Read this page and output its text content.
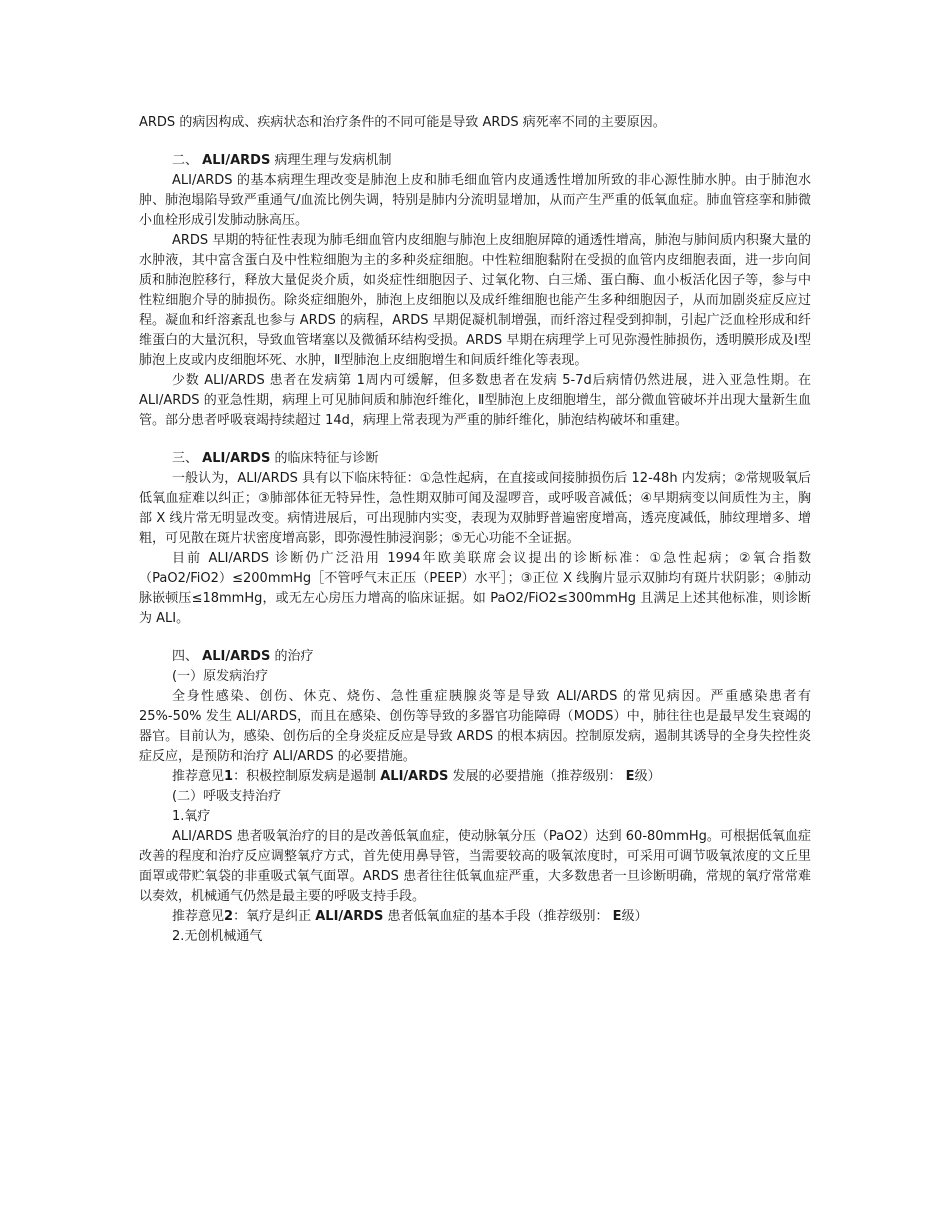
ARDS 的病因构成、疾病状态和治疗条件的不同可能是导致 ARDS 病死率不同的主要原因。

二、 ALI/ARDS 病理生理与发病机制

ALI/ARDS 的基本病理生理改变是肺泡上皮和肺毛细血管内皮通透性增加所致的非心源性肺水肿。由于肺泡水肿、肺泡塌陷导致严重通气/血流比例失调，特别是肺内分流明显增加，从而产生严重的低氧血症。肺血管痉挛和肺微小血栓形成引发肺动脉高压。

ARDS 早期的特征性表现为肺毛细血管内皮细胞与肺泡上皮细胞屏障的通透性增高，肺泡与肺间质内积聚大量的水肿液，其中富含蛋白及中性粒细胞为主的多种炎症细胞。中性粒细胞黏附在受损的血管内皮细胞表面，进一步向间质和肺泡腔移行，释放大量促炎介质，如炎症性细胞因子、过氧化物、白三烯、蛋白酶、血小板活化因子等，参与中性粒细胞介导的肺损伤。除炎症细胞外，肺泡上皮细胞以及成纤维细胞也能产生多种细胞因子，从而加剧炎症反应过程。凝血和纤溶紊乱也参与 ARDS 的病程，ARDS 早期促凝机制增强，而纤溶过程受到抑制，引起广泛血栓形成和纤维蛋白的大量沉积，导致血管堵塞以及微循环结构受损。ARDS 早期在病理学上可见弥漫性肺损伤，透明膜形成及Ⅰ型肺泡上皮或内皮细胞坏死、水肿，Ⅱ型肺泡上皮细胞增生和间质纤维化等表现。

少数 ALI/ARDS 患者在发病第 1周内可缓解，但多数患者在发病 5-7d后病情仍然进展，进入亚急性期。在 ALI/ARDS 的亚急性期，病理上可见肺间质和肺泡纤维化，Ⅱ型肺泡上皮细胞增生，部分微血管破坏并出现大量新生血管。部分患者呼吸衰竭持续超过 14d，病理上常表现为严重的肺纤维化，肺泡结构破坏和重建。

三、 ALI/ARDS 的临床特征与诊断

一般认为，ALI/ARDS 具有以下临床特征：①急性起病，在直接或间接肺损伤后 12-48h 内发病；②常规吸氧后低氧血症难以纠正；③肺部体征无特异性，急性期双肺可闻及湿啰音，或呼吸音减低；④早期病变以间质性为主，胸部 X 线片常无明显改变。病情进展后，可出现肺内实变，表现为双肺野普遍密度增高，透亮度减低，肺纹理增多、增粗，可见散在斑片状密度增高影，即弥漫性肺浸润影；⑤无心功能不全证据。

目前 ALI/ARDS 诊断仍广泛沿用 1994年欧美联席会议提出的诊断标准：①急性起病；②氧合指数（PaO2/FiO2）≤200mmHg［不管呼气末正压（PEEP）水平］；③正位 X 线胸片显示双肺均有斑片状阴影；④肺动脉嵌顿压≤18mmHg，或无左心房压力增高的临床证据。如 PaO2/FiO2≤300mmHg 且满足上述其他标准，则诊断为 ALI。

四、 ALI/ARDS 的治疗

(一）原发病治疗

全身性感染、创伤、休克、烧伤、急性重症胰腺炎等是导致 ALI/ARDS 的常见病因。严重感染患者有 25%-50% 发生 ALI/ARDS，而且在感染、创伤等导致的多器官功能障碍（MODS）中，肺往往也是最早发生衰竭的器官。目前认为，感染、创伤后的全身炎症反应是导致 ARDS 的根本病因。控制原发病，遏制其诱导的全身失控性炎症反应，是预防和治疗 ALI/ARDS 的必要措施。

推荐意见1：积极控制原发病是遏制 ALI/ARDS 发展的必要措施（推荐级别： E级）

(二）呼吸支持治疗

1.氧疗

ALI/ARDS 患者吸氧治疗的目的是改善低氧血症，使动脉氧分压（PaO2）达到 60-80mmHg。可根据低氧血症改善的程度和治疗反应调整氧疗方式，首先使用鼻导管，当需要较高的吸氧浓度时，可采用可调节吸氧浓度的文丘里面罩或带贮氧袋的非重吸式氧气面罩。ARDS 患者往往低氧血症严重，大多数患者一旦诊断明确，常规的氧疗常常难以奏效，机械通气仍然是最主要的呼吸支持手段。

推荐意见2：氧疗是纠正 ALI/ARDS 患者低氧血症的基本手段（推荐级别： E级）

2.无创机械通气
